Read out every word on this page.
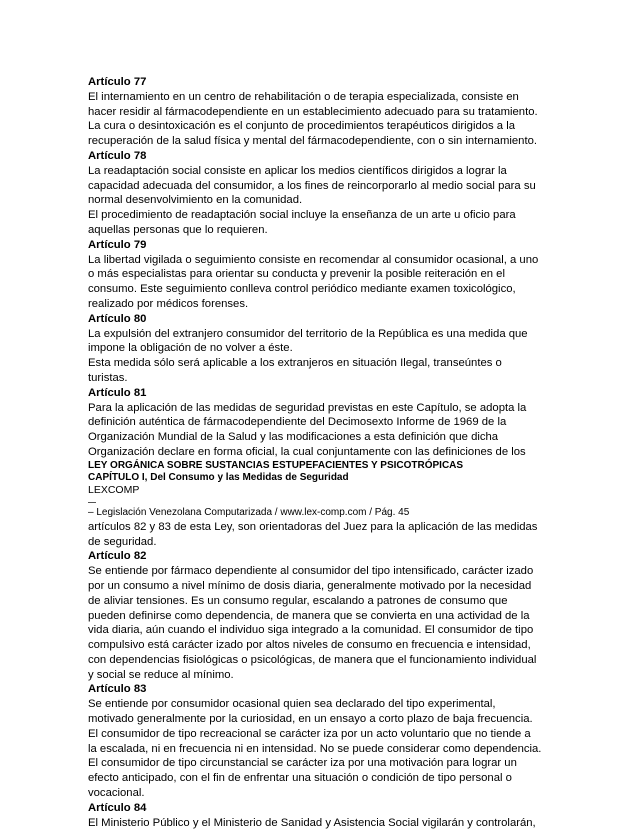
Artículo 77
El internamiento en un centro de rehabilitación o de terapia especializada, consiste en
hacer residir al fármacodependiente en un establecimiento adecuado para su tratamiento.
La cura o desintoxicación es el conjunto de procedimientos terapéuticos dirigidos a la
recuperación de la salud física y mental del fármacodependiente, con o sin internamiento.
Artículo 78
La readaptación social consiste en aplicar los medios científicos dirigidos a lograr la
capacidad adecuada del consumidor, a los fines de reincorporarlo al medio social para su
normal desenvolvimiento en la comunidad.
El procedimiento de readaptación social incluye la enseñanza de un arte u oficio para
aquellas personas que lo requieren.
Artículo 79
La libertad vigilada o seguimiento consiste en recomendar al consumidor ocasional, a uno
o más especialistas para orientar su conducta y prevenir la posible reiteración en el
consumo. Este seguimiento conlleva control periódico mediante examen toxicológico,
realizado por médicos forenses.
Artículo 80
La expulsión del extranjero consumidor del territorio de la República es una medida que
impone la obligación de no volver a éste.
Esta medida sólo será aplicable a los extranjeros en situación Ilegal, transeúntes o
turistas.
Artículo 81
Para la aplicación de las medidas de seguridad previstas en este Capítulo, se adopta la
definición auténtica de fármacodependiente del Decimosexto Informe de 1969 de la
Organización Mundial de la Salud y las modificaciones a esta definición que dicha
Organización declare en forma oficial, la cual conjuntamente con las definiciones de los
LEY ORGÁNICA SOBRE SUSTANCIAS ESTUPEFACIENTES Y PSICOTRÓPICAS
CAPÍTULO I, Del Consumo y las Medidas de Seguridad
LEXCOMP
– Legislación Venezolana Computarizada / www.lex-comp.com / Pág. 45
artículos 82 y 83 de esta Ley, son orientadoras del Juez para la aplicación de las medidas
de seguridad.
Artículo 82
Se entiende por fármaco dependiente al consumidor del tipo intensificado, carácter izado
por un consumo a nivel mínimo de dosis diaria, generalmente motivado por la necesidad
de aliviar tensiones. Es un consumo regular, escalando a patrones de consumo que
pueden definirse como dependencia, de manera que se convierta en una actividad de la
vida diaria, aún cuando el individuo siga integrado a la comunidad. El consumidor de tipo
compulsivo está carácter izado por altos niveles de consumo en frecuencia e intensidad,
con dependencias fisiológicas o psicológicas, de manera que el funcionamiento individual
y social se reduce al mínimo.
Artículo 83
Se entiende por consumidor ocasional quien sea declarado del tipo experimental,
motivado generalmente por la curiosidad, en un ensayo a corto plazo de baja frecuencia.
El consumidor de tipo recreacional se carácter iza por un acto voluntario que no tiende a
la escalada, ni en frecuencia ni en intensidad. No se puede considerar como dependencia.
El consumidor de tipo circunstancial se carácter iza por una motivación para lograr un
efecto anticipado, con el fin de enfrentar una situación o condición de tipo personal o
vocacional.
Artículo 84
El Ministerio Público y el Ministerio de Sanidad y Asistencia Social vigilarán y controlarán,
